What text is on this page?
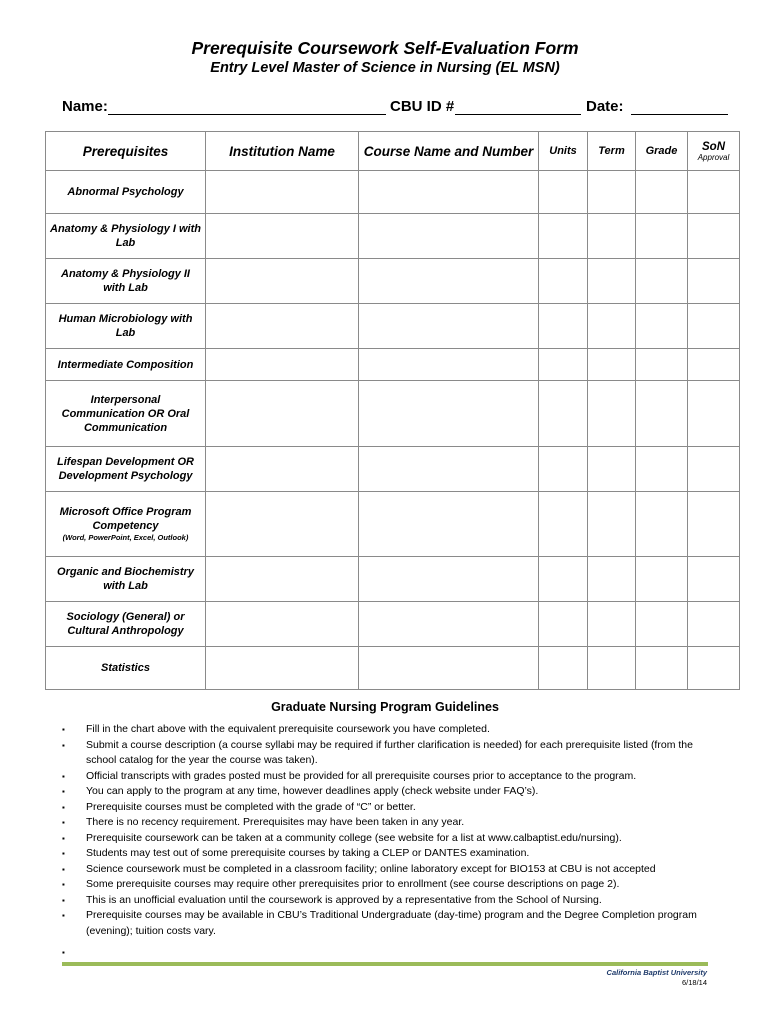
Prerequisite Coursework Self-Evaluation Form
Entry Level Master of Science in Nursing (EL MSN)
Name:	CBU ID #	Date:
Prerequisites	Institution Name	Course Name and Number	Units	Term	Grade	SoN
Approval

Abnormal Psychology						
Anatomy & Physiology I with Lab						
Anatomy & Physiology II with Lab						
Human Microbiology with Lab						
Intermediate Composition						
Interpersonal Communication OR Oral Communication						
Lifespan Development OR Development Psychology						
Microsoft Office Program Competency
(Word, PowerPoint, Excel, Outlook)						

Organic and Biochemistry with Lab						
Sociology (General) or Cultural Anthropology						
Statistics						
Graduate Nursing Program Guidelines
▪ Fill in the chart above with the equivalent prerequisite coursework you have completed.
▪ Submit a course description (a course syllabi may be required if further clarification is needed) for each prerequisite listed (from the school catalog for the year the course was taken).
▪ Official transcripts with grades posted must be provided for all prerequisite courses prior to acceptance to the program.
▪ You can apply to the program at any time, however deadlines apply (check website under FAQ’s).
▪ Prerequisite courses must be completed with the grade of “C” or better.
▪ There is no recency requirement. Prerequisites may have been taken in any year.
▪ Prerequisite coursework can be taken at a community college (see website for a list at www.calbaptist.edu/nursing).
▪ Students may test out of some prerequisite courses by taking a CLEP or DANTES examination.
▪ Science coursework must be completed in a classroom facility; online laboratory except for BIO153 at CBU is not accepted
▪ Some prerequisite courses may require other prerequisites prior to enrollment (see course descriptions on page 2).
▪ This is an unofficial evaluation until the coursework is approved by a representative from the School of Nursing.
▪ Prerequisite courses may be available in CBU’s Traditional Undergraduate (day-time) program and the Degree Completion program (evening); tuition costs vary.
▪
California Baptist University
6/18/14
